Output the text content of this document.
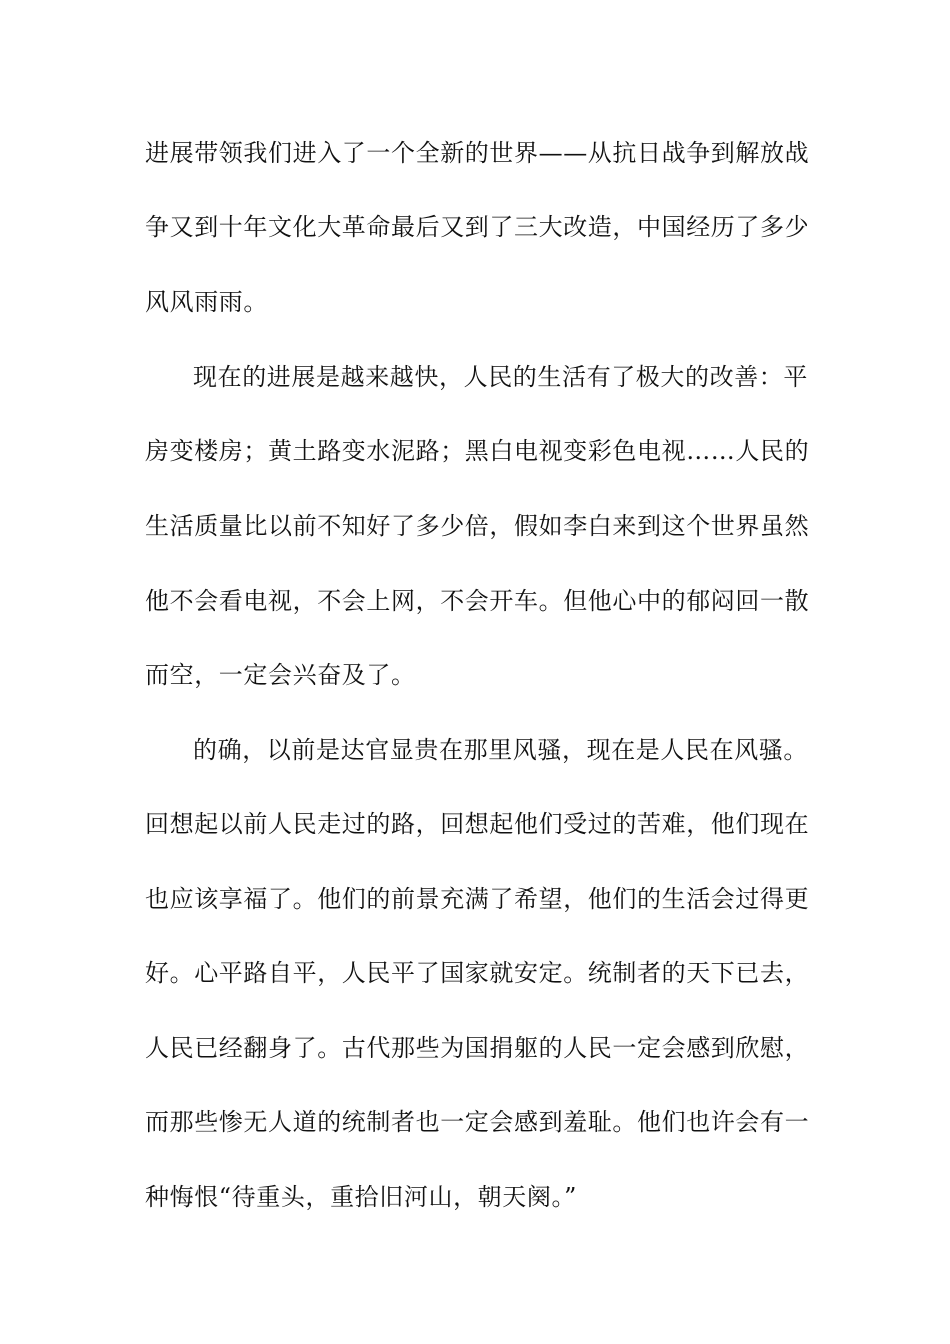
进展带领我们进入了一个全新的世界——从抗日战争到解放战
争又到十年文化大革命最后又到了三大改造，中国经历了多少
风风雨雨。
现在的进展是越来越快，人民的生活有了极大的改善：平
房变楼房；黄土路变水泥路；黑白电视变彩色电视……人民的
生活质量比以前不知好了多少倍，假如李白来到这个世界虽然
他不会看电视，不会上网，不会开车。但他心中的郁闷回一散
而空，一定会兴奋及了。
的确，以前是达官显贵在那里风骚，现在是人民在风骚。
回想起以前人民走过的路，回想起他们受过的苦难，他们现在
也应该享福了。他们的前景充满了希望，他们的生活会过得更
好。心平路自平，人民平了国家就安定。统制者的天下已去，
人民已经翻身了。古代那些为国捐躯的人民一定会感到欣慰，
而那些惨无人道的统制者也一定会感到羞耻。他们也许会有一
种悔恨“待重头，重拾旧河山，朝天阕。”
